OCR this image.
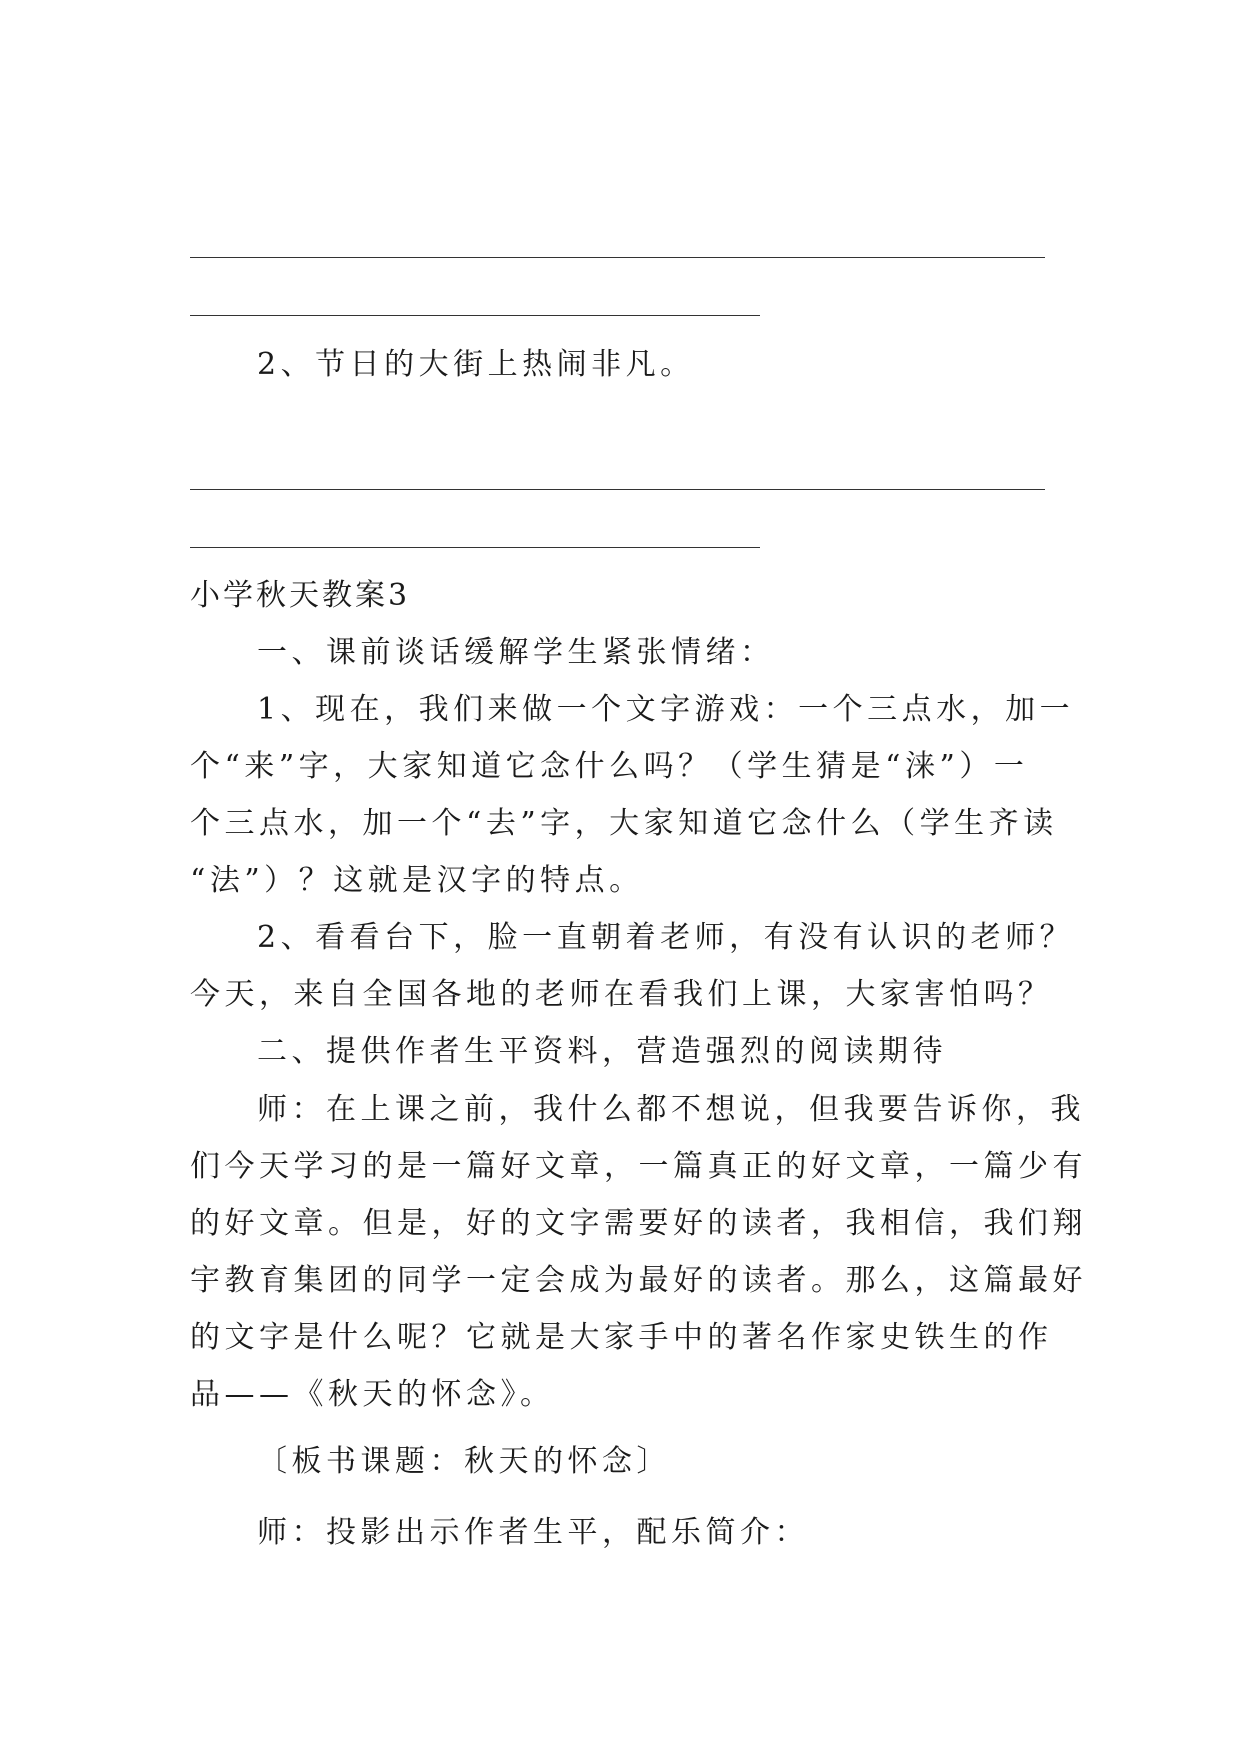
2、节日的大街上热闹非凡。
小学秋天教案3
一、课前谈话缓解学生紧张情绪：
1、现在，我们来做一个文字游戏：一个三点水，加一
个“来”字，大家知道它念什么吗？（学生猜是“涞”）一
个三点水，加一个“去”字，大家知道它念什么（学生齐读
“法”）？这就是汉字的特点。
2、看看台下，脸一直朝着老师，有没有认识的老师？
今天，来自全国各地的老师在看我们上课，大家害怕吗？
二、提供作者生平资料，营造强烈的阅读期待
师：在上课之前，我什么都不想说，但我要告诉你，我
们今天学习的是一篇好文章，一篇真正的好文章，一篇少有
的好文章。但是，好的文字需要好的读者，我相信，我们翔
宇教育集团的同学一定会成为最好的读者。那么，这篇最好
的文字是什么呢？它就是大家手中的著名作家史铁生的作
品——《秋天的怀念》。
〔板书课题：秋天的怀念〕
师：投影出示作者生平，配乐简介：
